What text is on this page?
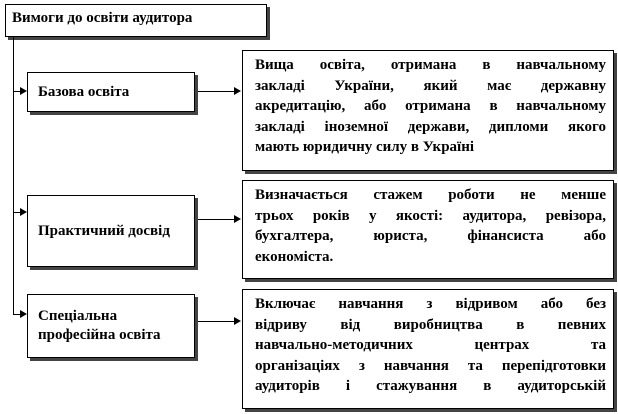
Вимоги до освіти аудитора
Базова освіта
Вища освіта, отримана в навчальному
закладі України, який має державну
акредитацію, або отримана в навчальному
закладі іноземної держави, дипломи якого
мають юридичну силу в Україні
Практичний досвід
Визначається стажем роботи не менше
трьох років у якості: аудитора, ревізора,
бухгалтера, юриста, фінансиста або
економіста.
Спеціальна професійна освіта
Включає навчання з відривом або без
відриву від виробництва в певних
навчально-методичних центрах та
організаціях з навчання та перепідготовки
аудиторів і стажування в аудиторській
